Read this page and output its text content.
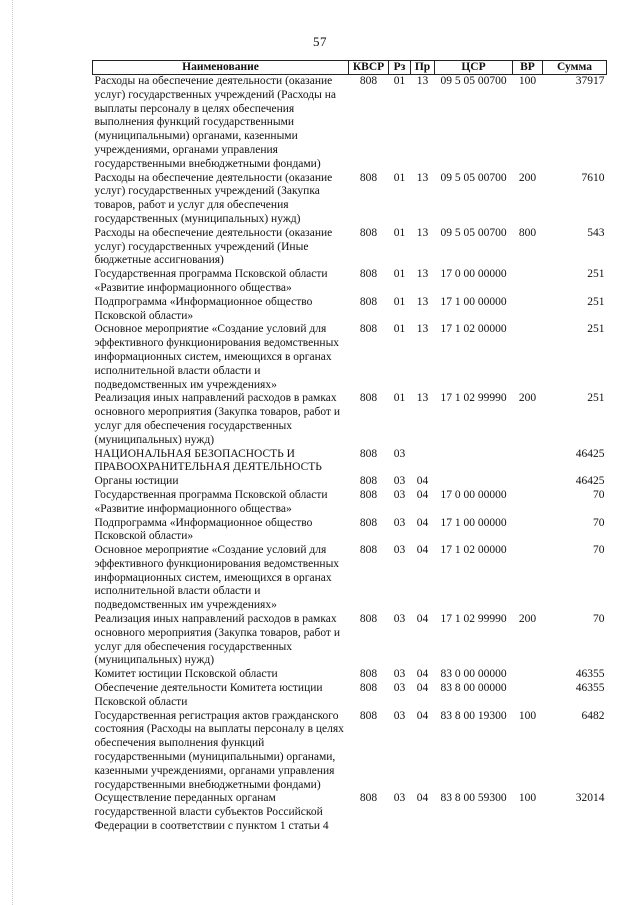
57
Наименование	КВСР	Рз	Пр	ЦСР	ВР	Сумма
Расходы на обеспечение деятельности (оказание услуг) государственных учреждений (Расходы на выплаты персоналу в целях обеспечения выполнения функций государственными (муниципальными) органами, казенными учреждениями, органами управления государственными внебюджетными фондами)	808	01	13	09 5 05 00700	100	37917
Расходы на обеспечение деятельности (оказание услуг) государственных учреждений (Закупка товаров, работ и услуг для обеспечения государственных (муниципальных) нужд)	808	01	13	09 5 05 00700	200	7610
Расходы на обеспечение деятельности (оказание услуг) государственных учреждений (Иные бюджетные ассигнования)	808	01	13	09 5 05 00700	800	543
Государственная программа Псковской области «Развитие информационного общества»	808	01	13	17 0 00 00000		251
Подпрограмма «Информационное общество Псковской области»	808	01	13	17 1 00 00000		251
Основное мероприятие «Создание условий для эффективного функционирования ведомственных информационных систем, имеющихся в органах исполнительной власти области и подведомственных им учреждениях»	808	01	13	17 1 02 00000		251
Реализация иных направлений расходов в рамках основного мероприятия (Закупка товаров, работ и услуг для обеспечения государственных (муниципальных) нужд)	808	01	13	17 1 02 99990	200	251
НАЦИОНАЛЬНАЯ БЕЗОПАСНОСТЬ И ПРАВООХРАНИТЕЛЬНАЯ ДЕЯТЕЛЬНОСТЬ	808	03				46425
Органы юстиции	808	03	04			46425
Государственная программа Псковской области «Развитие информационного общества»	808	03	04	17 0 00 00000		70
Подпрограмма «Информационное общество Псковской области»	808	03	04	17 1 00 00000		70
Основное мероприятие «Создание условий для эффективного функционирования ведомственных информационных систем, имеющихся в органах исполнительной власти области и подведомственных им учреждениях»	808	03	04	17 1 02 00000		70
Реализация иных направлений расходов в рамках основного мероприятия (Закупка товаров, работ и услуг для обеспечения государственных (муниципальных) нужд)	808	03	04	17 1 02 99990	200	70
Комитет юстиции Псковской области	808	03	04	83 0 00 00000		46355
Обеспечение деятельности Комитета юстиции Псковской области	808	03	04	83 8 00 00000		46355
Государственная регистрация актов гражданского состояния (Расходы на выплаты персоналу в целях обеспечения выполнения функций государственными (муниципальными) органами, казенными учреждениями, органами управления государственными внебюджетными фондами)	808	03	04	83 8 00 19300	100	6482
Осуществление переданных органам государственной власти субъектов Российской Федерации в соответствии с пунктом 1 статьи 4	808	03	04	83 8 00 59300	100	32014
